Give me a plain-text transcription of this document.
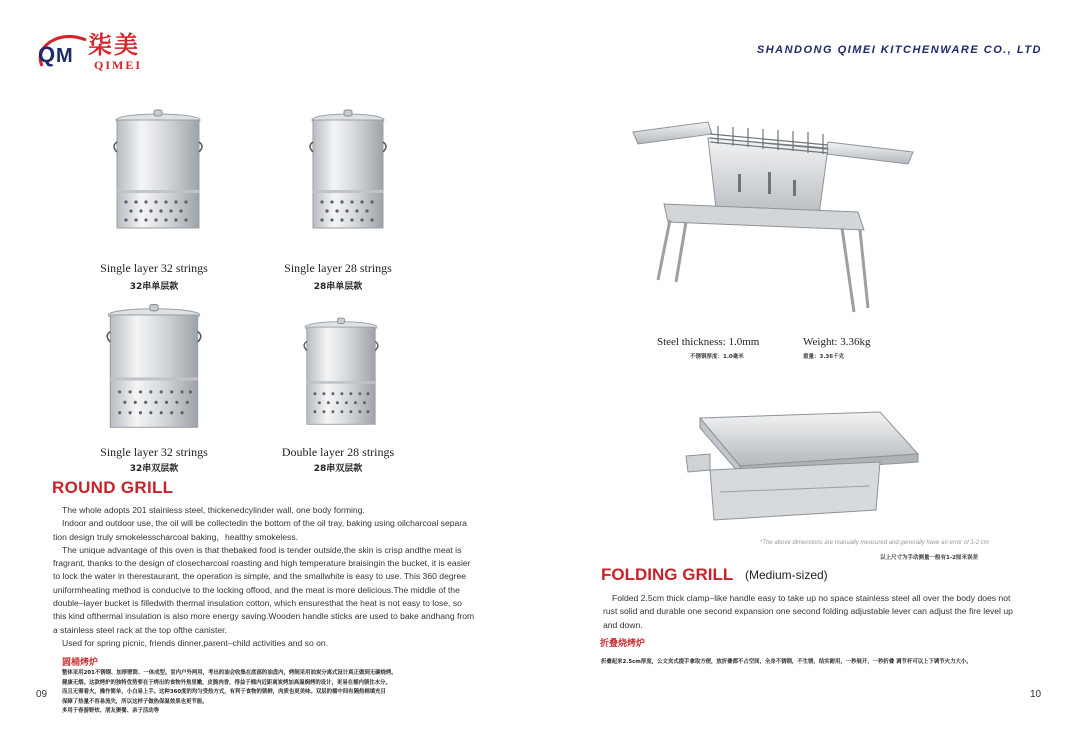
Q M 柒美
QIMEI
SHANDONG QIMEI KITCHENWARE CO., LTD
Single layer 32 strings
32串单层款
Single layer 28 strings
28串单层款
Single layer 32 strings
32串双层款
Double layer 28 strings
28串双层款
ROUND GRILL

The whole adopts 201 stainless steel, thickenedcylinder wall, one body forming.

Indoor and outdoor use, the oil will be collectedin the bottom of the oil tray, baking using oilcharcoal separa

tion design truly smokelesscharcoal baking，healthy smokeless.

The unique advantage of this oven is that thebaked food is tender outside,the skin is crisp andthe meat is

fragrant, thanks to the design of closecharcoal roasting and high temperature braisingin the bucket, it is easier

to lock the water in therestaurant, the operation is simple, and the smallwhite is easy to use. This 360 degree

uniformheating method is conducive to the locking offood, and the meat is more delicious.The middle of the

double–layer bucket is filledwith thermal insulation cotton, which ensuresthat the heat is not easy to lose, so

this kind ofthermal insulation is also more energy saving.Wooden handle sticks are used to bake andhang from

a stainless steel rack at the top ofthe canister.

Used for spring picnic, friends dinner,parent–child activities and so on.

圆桶烤炉
整体采用201不锈钢、加厚壁筒、一体成型。室内户外两用，考出的油会收集在底部的油盘内，烤制采用油炭分离式设计真正做到无碳烧烤。
健康无烟。这款烤炉的独特优势要在于烤出的食物外焦里嫩，皮脆肉香，得益于桶内近距离炭烤加高温焖烤的设计，更易在桶内锁住水分。
而且无需看火，操作简单，小白易上手。这种360度的均匀受热方式，有利于食物的锁鲜，肉质也更美味。双层的桶中间有隔热棉填充目
保障了热量不容易流失，所以这样子做热保温效果也更节能。
多用于春游野炊、朋友聚餐、亲子活动等
09
Steel thickness: 1.0mm
不锈钢厚度：1.0毫米
Weight: 3.36kg
重量：3.36千克
*The above dimensions are manually measured and generally have an error of 1-2 cm
以上尺寸为手动测量一般有1-2厘米误差
FOLDING GRILL (Medium-sized)

Folded 2.5cm thick clamp–like handle easy to take up no space stainless steel all over the body does not

rust solid and durable one second expansion one second folding adjustable lever can adjust the fire level up

and down.

折叠烧烤炉
折叠起来2.5cm厚度，公文夹式提手拿取方便，放折叠都不占空间，全身不锈钢，不生锈，结实耐用，一秒展开，一秒折叠 调节杆可以上下调节火力大小。
10
